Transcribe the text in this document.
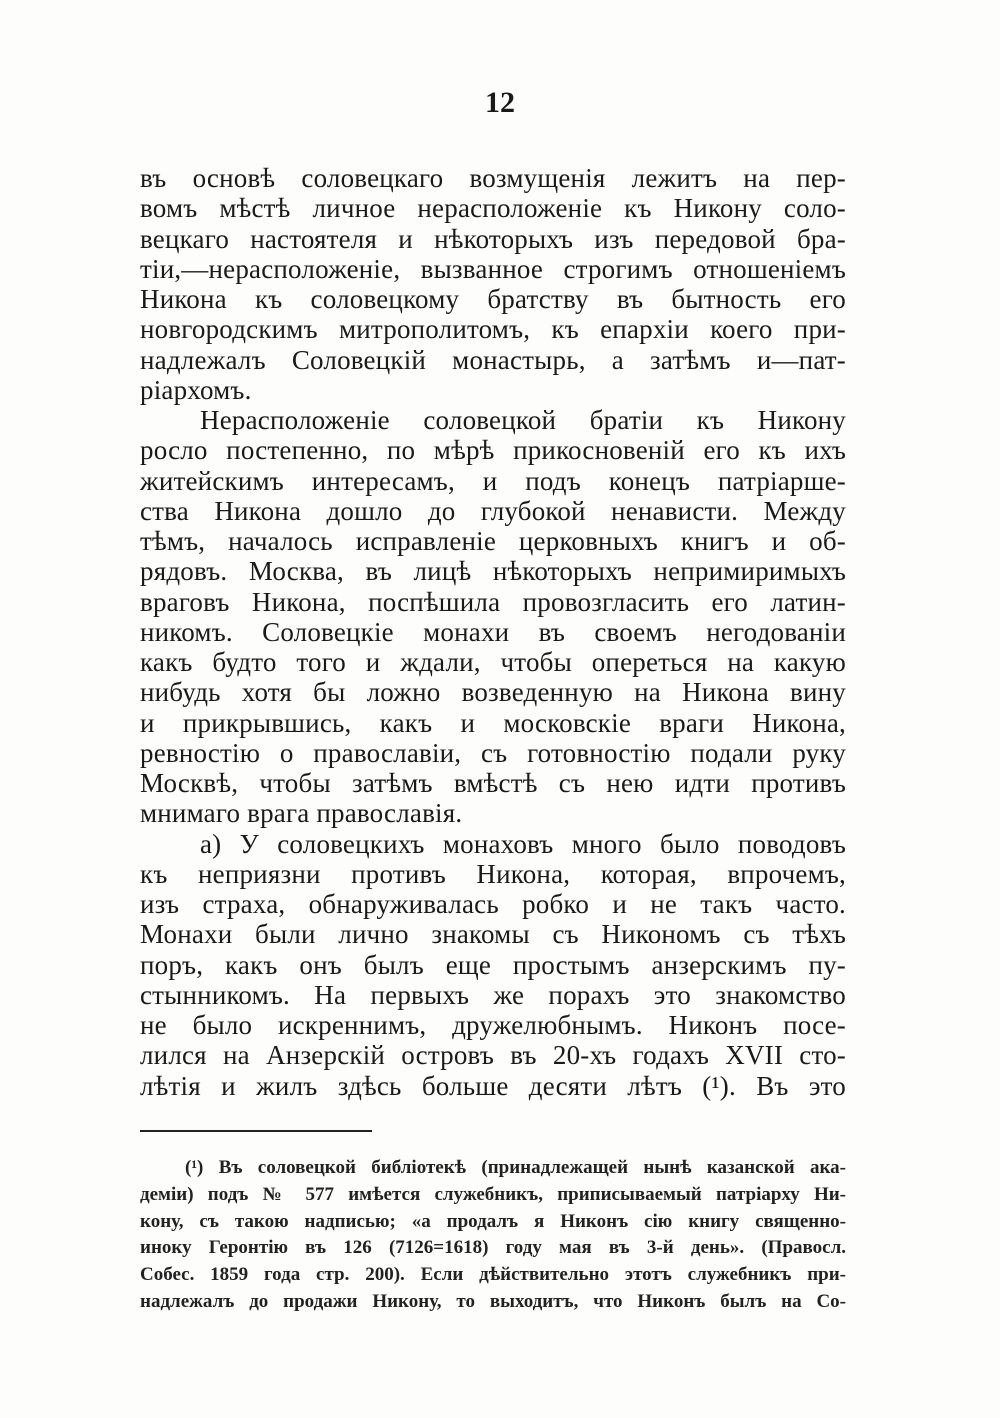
12
въ основѣ соловецкаго возмущенія лежитъ на пер-
вомъ мѣстѣ личное нерасположеніе къ Никону соло-
вецкаго настоятеля и нѣкоторыхъ изъ передовой бра-
тіи,—нерасположеніе, вызванное строгимъ отношеніемъ
Никона къ соловецкому братству въ бытность его
новгородскимъ митрополитомъ, къ епархіи коего при-
надлежалъ Соловецкій монастырь, а затѣмъ и—пат-
ріархомъ.
Нерасположеніе соловецкой братіи къ Никону
росло постепенно, по мѣрѣ прикосновеній его къ ихъ
житейскимъ интересамъ, и подъ конецъ патріарше-
ства Никона дошло до глубокой ненависти. Между
тѣмъ, началось исправленіе церковныхъ книгъ и об-
рядовъ. Москва, въ лицѣ нѣкоторыхъ непримиримыхъ
враговъ Никона, поспѣшила провозгласить его латин-
никомъ. Соловецкіе монахи въ своемъ негодованіи
какъ будто того и ждали, чтобы опереться на какую
нибудь хотя бы ложно возведенную на Никона вину
и прикрывшись, какъ и московскіе враги Никона,
ревностію о православіи, съ готовностію подали руку
Москвѣ, чтобы затѣмъ вмѣстѣ съ нею идти противъ
мнимаго врага православія.
а) У соловецкихъ монаховъ много было поводовъ
къ неприязни противъ Никона, которая, впрочемъ,
изъ страха, обнаруживалась робко и не такъ часто.
Монахи были лично знакомы съ Никономъ съ тѣхъ
поръ, какъ онъ былъ еще простымъ анзерскимъ пу-
стынникомъ. На первыхъ же порахъ это знакомство
не было искреннимъ, дружелюбнымъ. Никонъ посе-
лился на Анзерскій островъ въ 20-хъ годахъ XVII сто-
лѣтія и жилъ здѣсь больше десяти лѣтъ (¹). Въ это
(¹) Въ соловецкой библіотекѣ (принадлежащей нынѣ казанской ака-
деміи) подъ № 577 имѣется служебникъ, приписываемый патріарху Ни-
кону, съ такою надписью; «а продалъ я Никонъ сію книгу священно-
иноку Геронтію въ 126 (7126=1618) году мая въ 3-й день». (Правосл.
Собес. 1859 года стр. 200). Если дѣйствительно этотъ служебникъ при-
надлежалъ до продажи Никону, то выходитъ, что Никонъ былъ на Со-
